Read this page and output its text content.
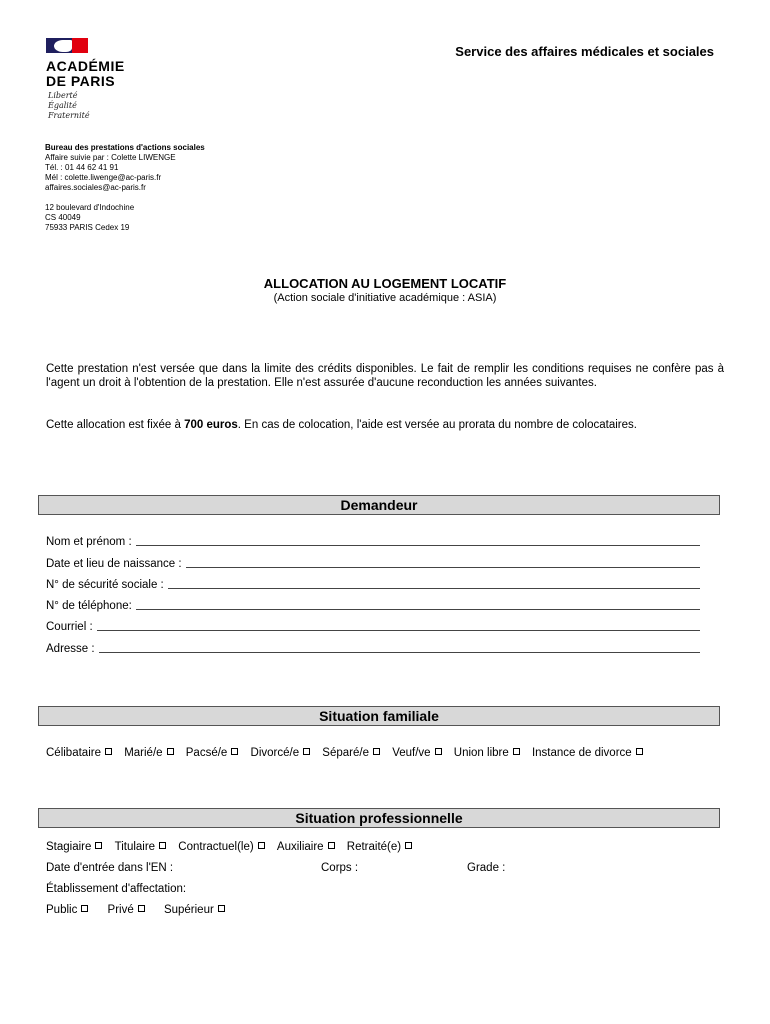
ACADÉMIE
DE PARIS
Liberté
Égalité
Fraternité
Service des affaires médicales et sociales
Bureau des prestations d'actions sociales
Affaire suivie par : Colette LIWENGE
Tél. : 01 44 62 41 91
Mél : colette.liwenge@ac-paris.fr
affaires.sociales@ac-paris.fr
12 boulevard d'Indochine
CS 40049
75933 PARIS Cedex 19
ALLOCATION AU LOGEMENT LOCATIF
(Action sociale d'initiative académique : ASIA)
Cette prestation n'est versée que dans la limite des crédits disponibles. Le fait de remplir les conditions requises ne confère pas à l'agent un droit à l'obtention de la prestation. Elle n'est assurée d'aucune reconduction les années suivantes.
Cette allocation est fixée à 700 euros. En cas de colocation, l'aide est versée au prorata du nombre de colocataires.
Demandeur
Nom et prénom :
Date et lieu de naissance :
N° de sécurité sociale :
N° de téléphone:
Courriel :
Adresse :
Situation familiale
Célibataire Marié/e Pacsé/e Divorcé/e Séparé/e Veuf/ve Union libre Instance de divorce
Situation professionnelle
Stagiaire Titulaire Contractuel(le) Auxiliaire Retraité(e)
Date d'entrée dans l'EN :	Corps :	Grade :
Établissement d'affectation:
Public	Privé	Supérieur
